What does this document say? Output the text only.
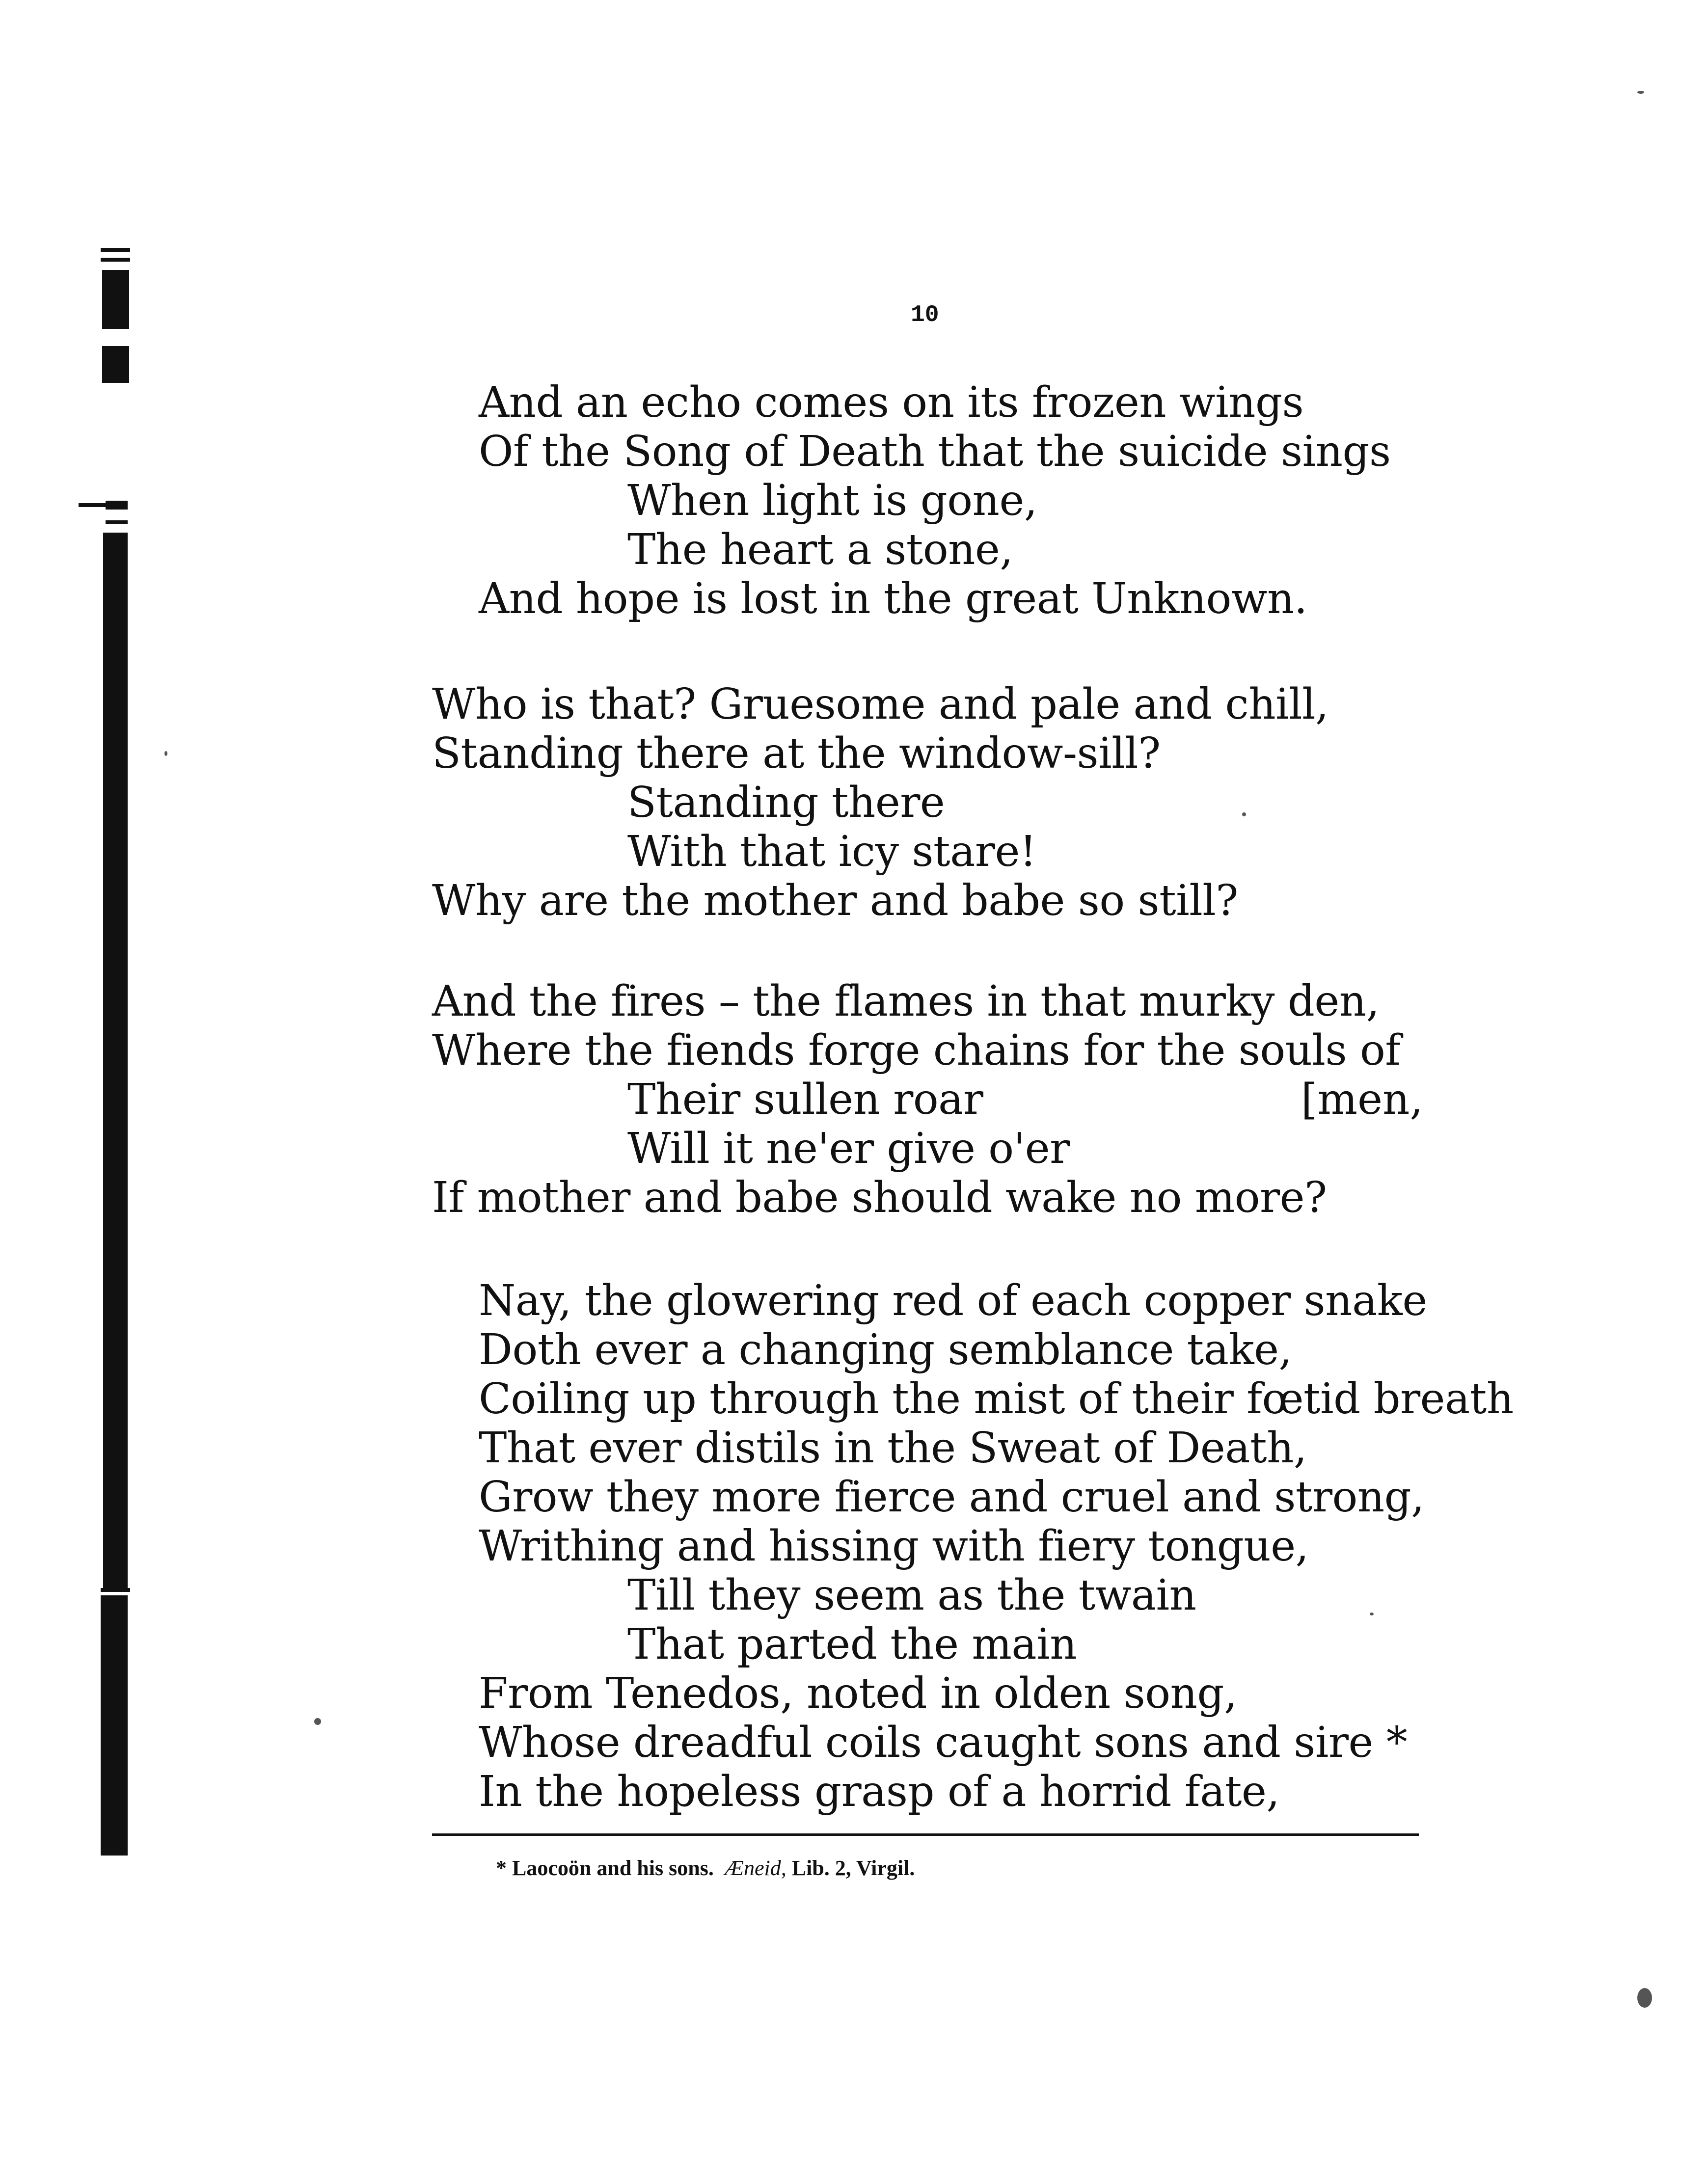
10
And an echo comes on its frozen wings
Of the Song of Death that the suicide sings
When light is gone,
The heart a stone,
And hope is lost in the great Unknown.
Who is that? Gruesome and pale and chill,
Standing there at the window-sill?
Standing there
With that icy stare!
Why are the mother and babe so still?
And the fires – the flames in that murky den,
Where the fiends forge chains for the souls of
Their sullen roar	[men,
Will it ne'er give o'er
If mother and babe should wake no more?
Nay, the glowering red of each copper snake
Doth ever a changing semblance take,
Coiling up through the mist of their fœtid breath
That ever distils in the Sweat of Death,
Grow they more fierce and cruel and strong,
Writhing and hissing with fiery tongue,
Till they seem as the twain
That parted the main
From Tenedos, noted in olden song,
Whose dreadful coils caught sons and sire *
In the hopeless grasp of a horrid fate,
* Laocoön and his sons. Æneid, Lib. 2, Virgil.
